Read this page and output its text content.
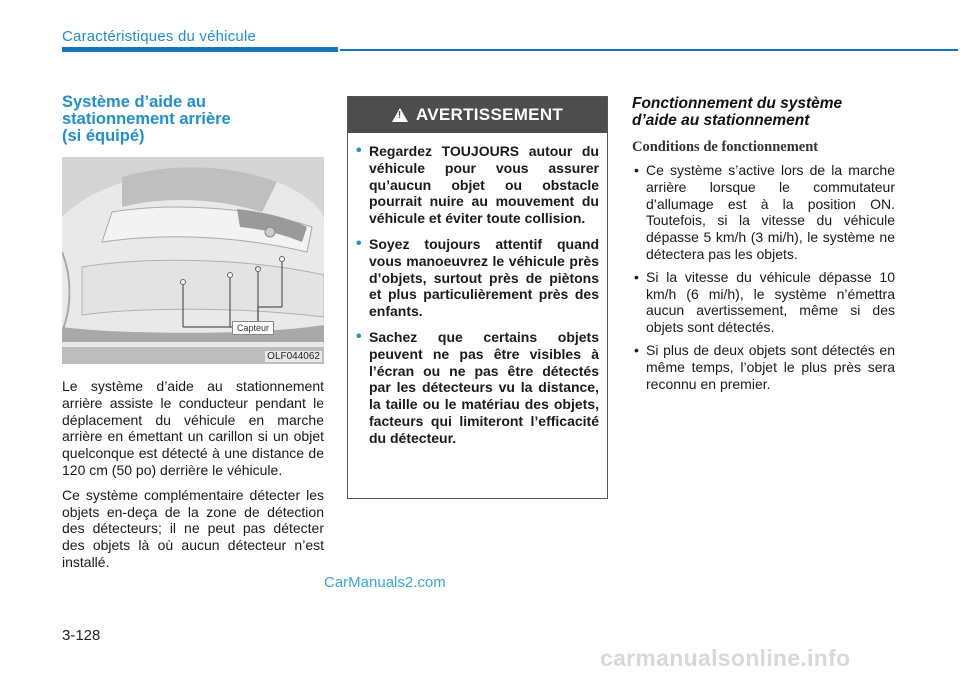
Caractéristiques du véhicule
Système d’aide au
stationnement arrière
(si équipé)
Capteur
OLF044062

Le système d’aide au stationnement arrière assiste le conducteur pendant le déplacement du véhicule en marche arrière en émettant un carillon si un objet quelconque est détecté à une distance de 120 cm (50 po) derrière le véhicule.

Ce système complémentaire détecter les objets en-deça de la zone de détection des détecteurs; il ne peut pas détecter des objets là où aucun détecteur n’est installé.

!
AVERTISSEMENT
• Regardez TOUJOURS autour du véhicule pour vous assurer qu’aucun objet ou obstacle pourrait nuire au mouvement du véhicule et éviter toute collision.
• Soyez toujours attentif quand vous manoeuvrez le véhicule près d’objets, surtout près de piètons et plus particulièrement près des enfants.
• Sachez que certains objets peuvent ne pas être visibles à l’écran ou ne pas être détectés par les détecteurs vu la distance, la taille ou le matériau des objets, facteurs qui limiteront l’efficacité du détecteur.
Fonctionnement du système
d’aide au stationnement
Conditions de fonctionnement
• Ce système s’active lors de la marche arrière lorsque le commutateur d’allumage est à la position ON. Toutefois, si la vitesse du véhicule dépasse 5 km/h (3 mi/h), le système ne détectera pas les objets.
• Si la vitesse du véhicule dépasse 10 km/h (6 mi/h), le système n’émettra aucun avertissement, même si des objets sont détectés.
• Si plus de deux objets sont détectés en même temps, l’objet le plus près sera reconnu en premier.
CarManuals2.com
3-128
carmanualsonline.info
